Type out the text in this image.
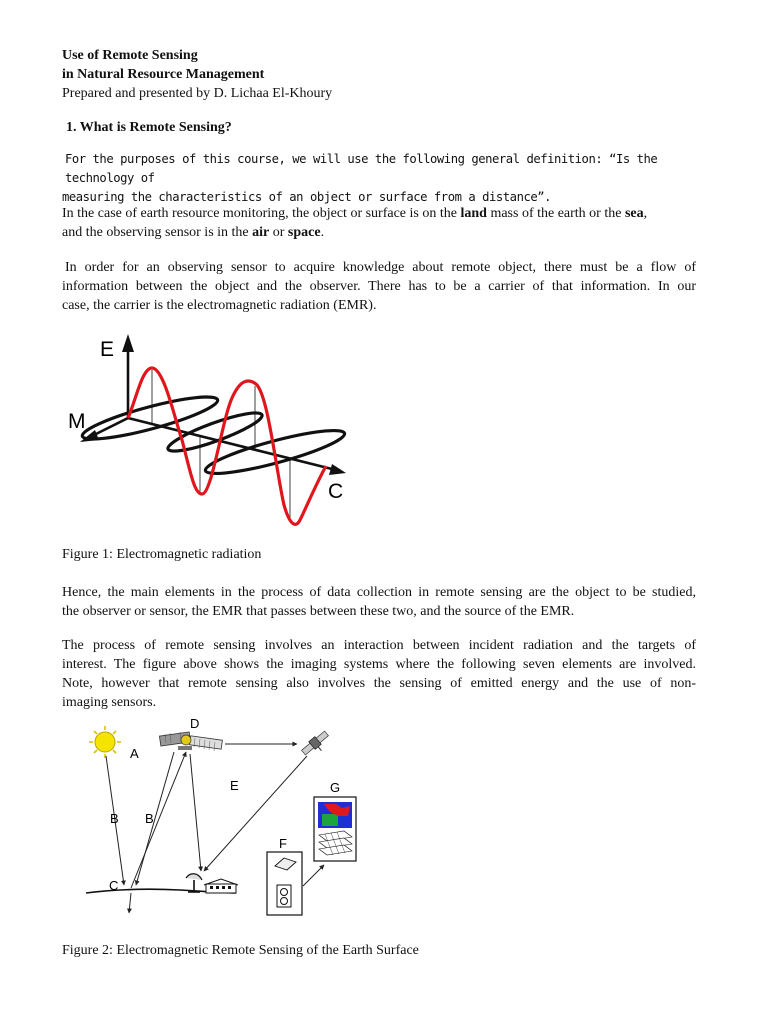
Use of Remote Sensing
in Natural Resource Management
Prepared and presented by D. Lichaa El-Khoury
1. What is Remote Sensing?
For the purposes of this course, we will use the following general definition: “Is the technology of
measuring the characteristics of an object or surface from a distance”.
In the case of earth resource monitoring, the object or surface is on the land mass of the earth or the sea,
and the observing sensor is in the air or space.
In order for an observing sensor to acquire knowledge about remote object, there must be a flow of
information between the object and the observer. There has to be a carrier of that information. In our
case, the carrier is the electromagnetic radiation (EMR).
E
M
C
Figure 1: Electromagnetic radiation
Hence, the main elements in the process of data collection in remote sensing are the object to be studied,
the observer or sensor, the EMR that passes between these two, and the source of the EMR.
The process of remote sensing involves an interaction between incident radiation and the targets of
interest. The figure above shows the imaging systems where the following seven elements are involved.
Note, however that remote sensing also involves the sensing of emitted energy and the use of non-
imaging sensors.
A
B B
C
D
E
F
G
Figure 2: Electromagnetic Remote Sensing of the Earth Surface
